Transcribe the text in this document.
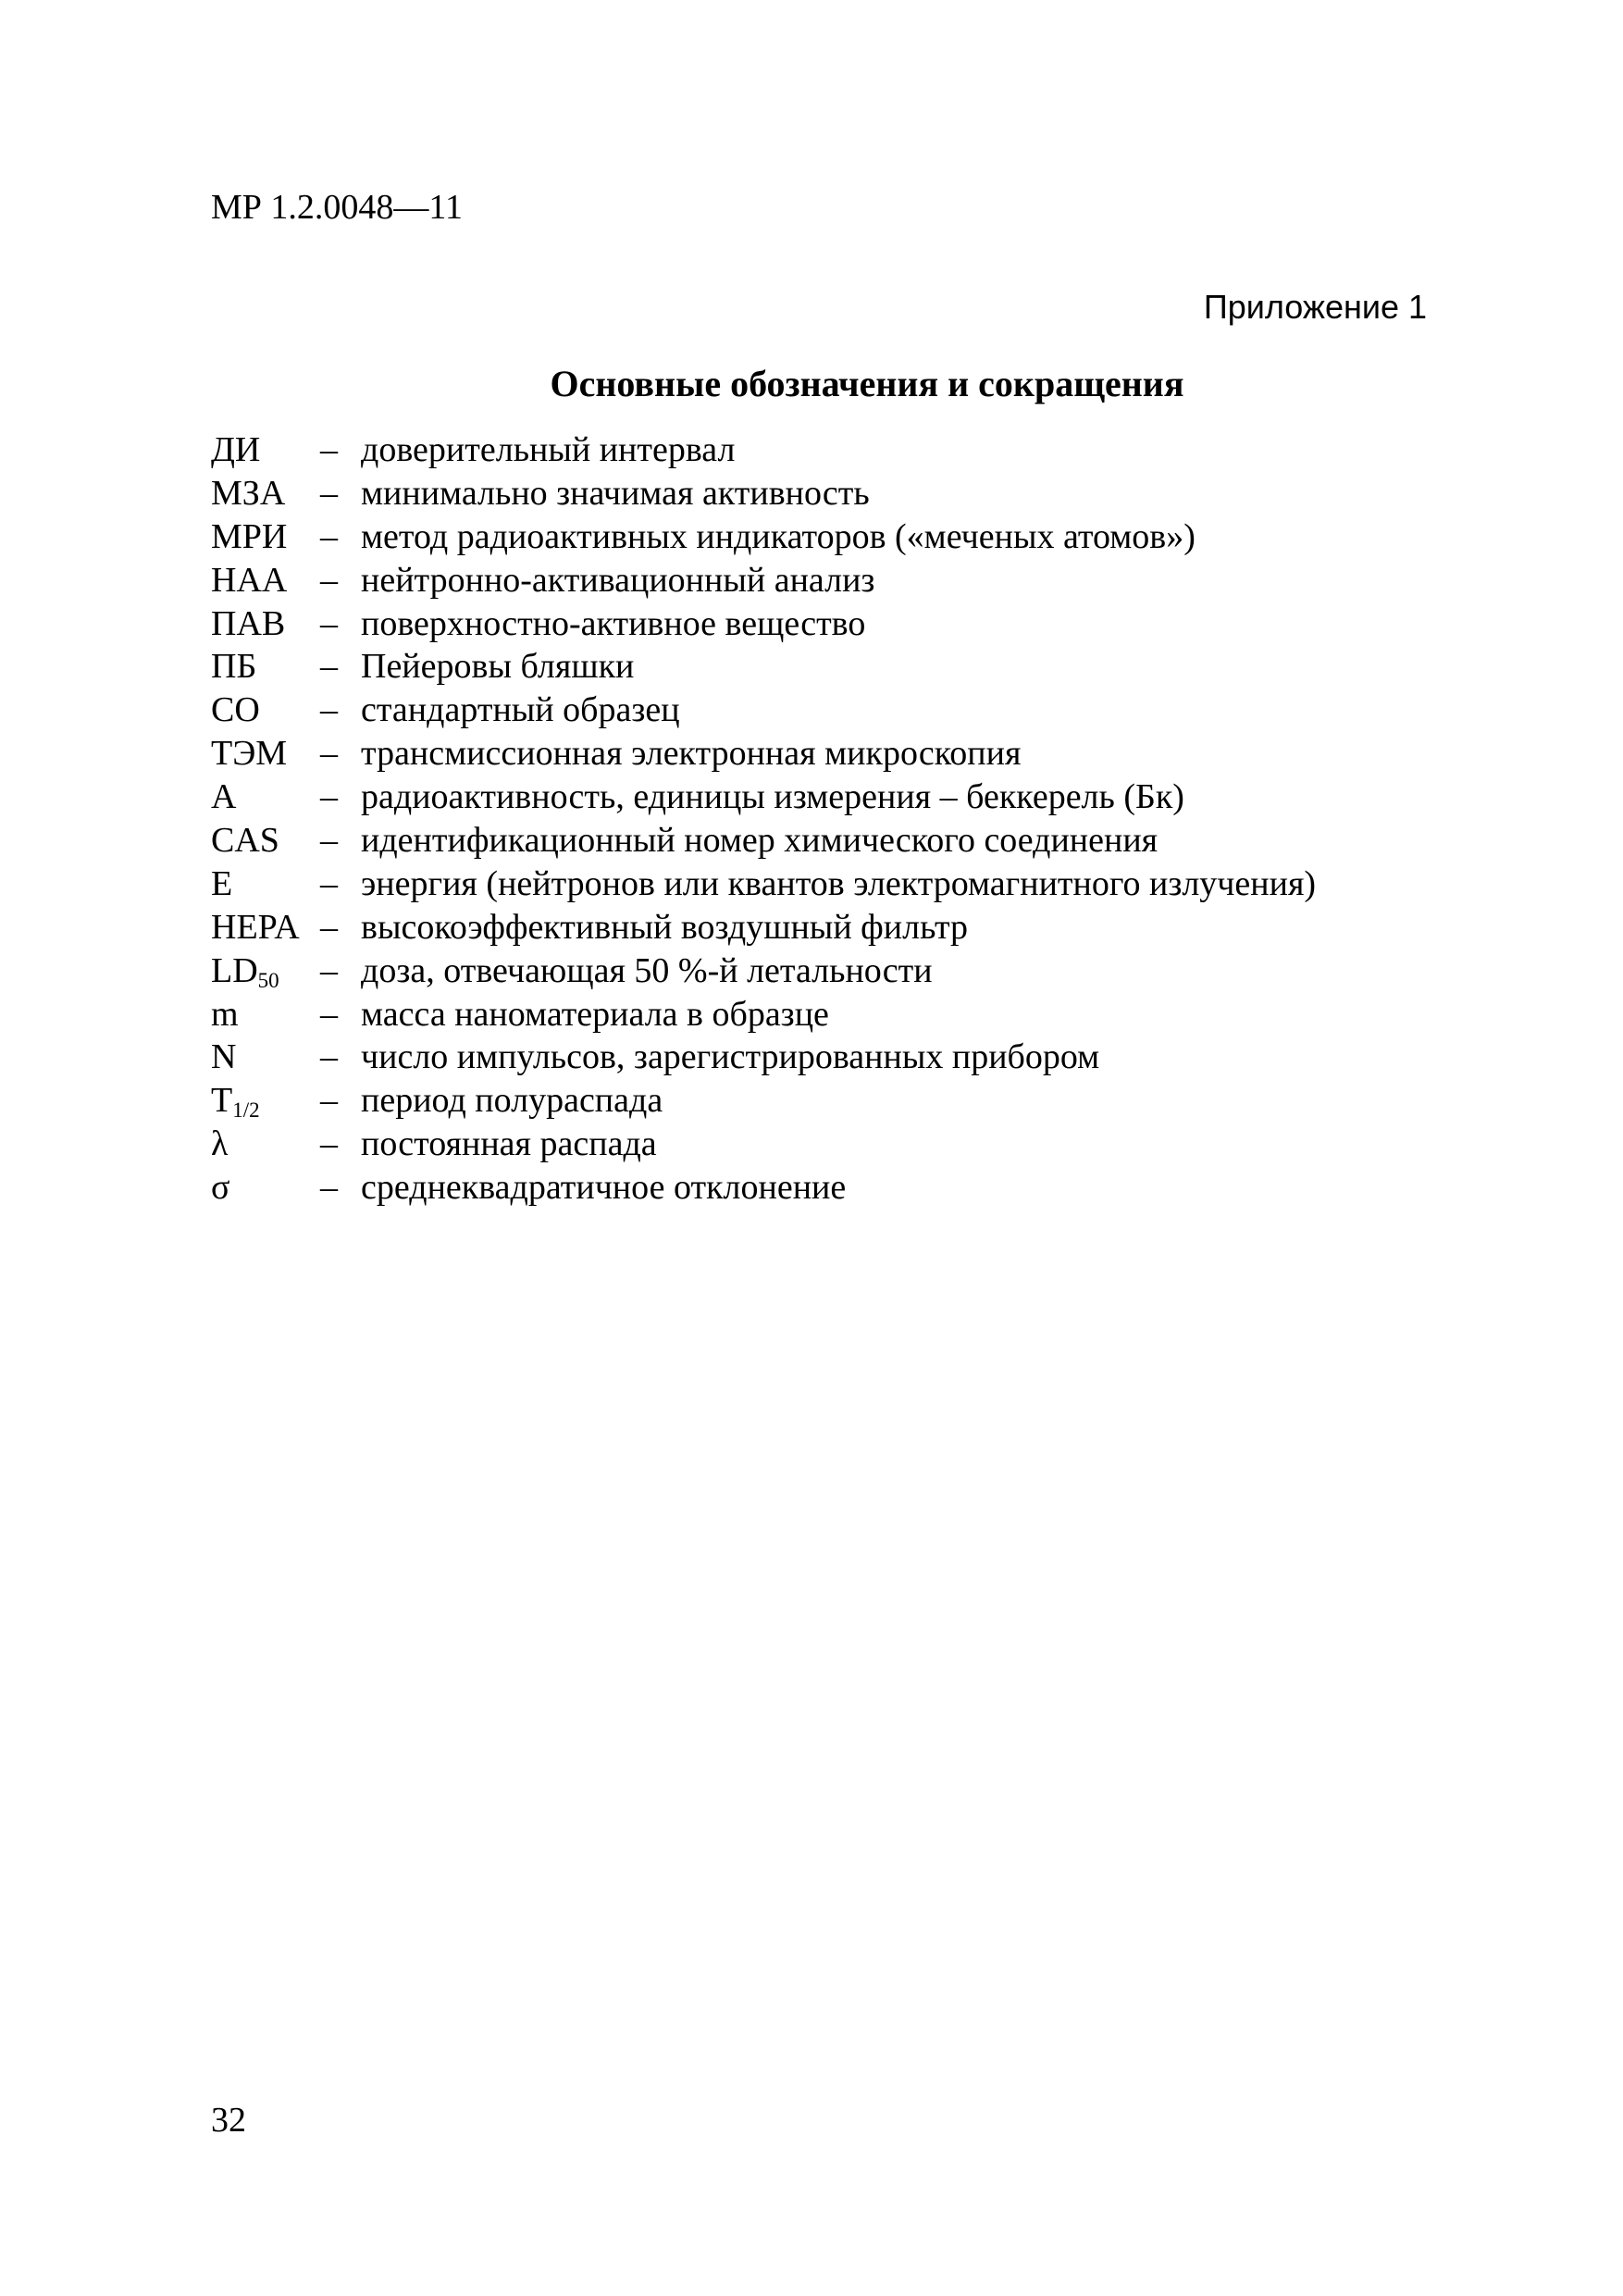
МР 1.2.0048—11
Приложение 1
Основные обозначения и сокращения
ДИ	– доверительный интервал
МЗА – минимально значимая активность
МРИ – метод радиоактивных индикаторов («меченых атомов»)
НАА – нейтронно-активационный анализ
ПАВ – поверхностно-активное вещество
ПБ	– Пейеровы бляшки
СО	– стандартный образец
ТЭМ – трансмиссионная электронная микроскопия
A	– радиоактивность, единицы измерения – беккерель (Бк)
CAS	– идентификационный номер химического соединения
E	– энергия (нейтронов или квантов электромагнитного излучения)
HEPA – высокоэффективный воздушный фильтр
$LD_{50}$	– доза, отвечающая 50 %-й летальности
m	– масса наноматериала в образце
N	– число импульсов, зарегистрированных прибором
$T_{1/2}$	– период полураспада
λ	– постоянная распада
σ	– среднеквадратичное отклонение
32
